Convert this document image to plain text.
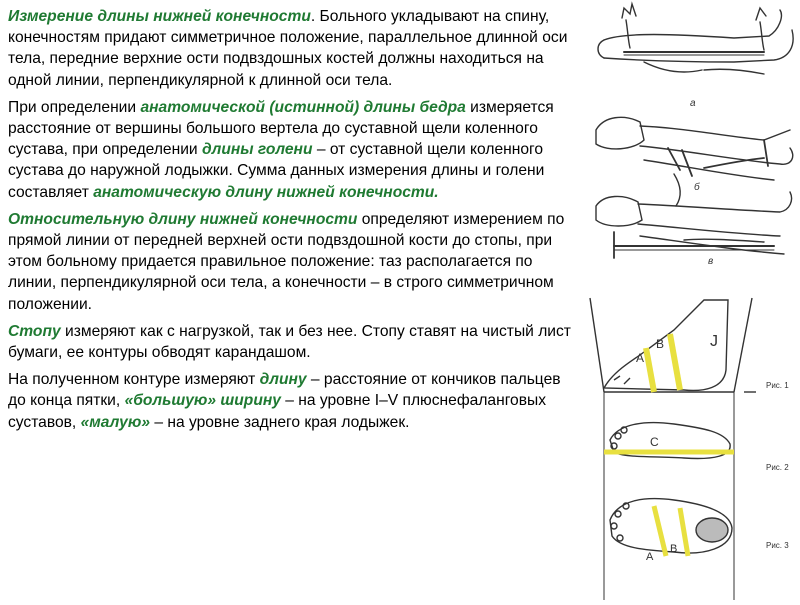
Измерение длины нижней конечности. Больного укладывают на спину, конечностям придают симметричное положение, параллельное длинной оси тела, передние верхние ости подвздошных костей должны находиться на одной линии, перпендикулярной к длинной оси тела.

При определении анатомической (истинной) длины бедра измеряется расстояние от вершины большого вертела до суставной щели коленного сустава, при определении длины голени – от суставной щели коленного сустава до наружной лодыжки. Сумма данных измерения длины и голени составляет анатомическую длину нижней конечности.

Относительную длину нижней конечности определяют измерением по прямой линии от передней верхней ости подвздошной кости до стопы, при этом больному придается правильное положение: таз располагается по линии, перпендикулярной оси тела, а конечности – в строго симметричном положении.

Стопу измеряют как с нагрузкой, так и без нее. Стопу ставят на чистый лист бумаги, ее контуры обводят карандашом.

На полученном контуре измеряют длину – расстояние от кончиков пальцев до конца пятки, «большую» ширину – на уровне I–V плюснефаланговых суставов, «малую» – на уровне заднего края лодыжек.

а
б
в
А
В	J
Рис. 1
С
Рис. 2
А
В	Рис. 3
